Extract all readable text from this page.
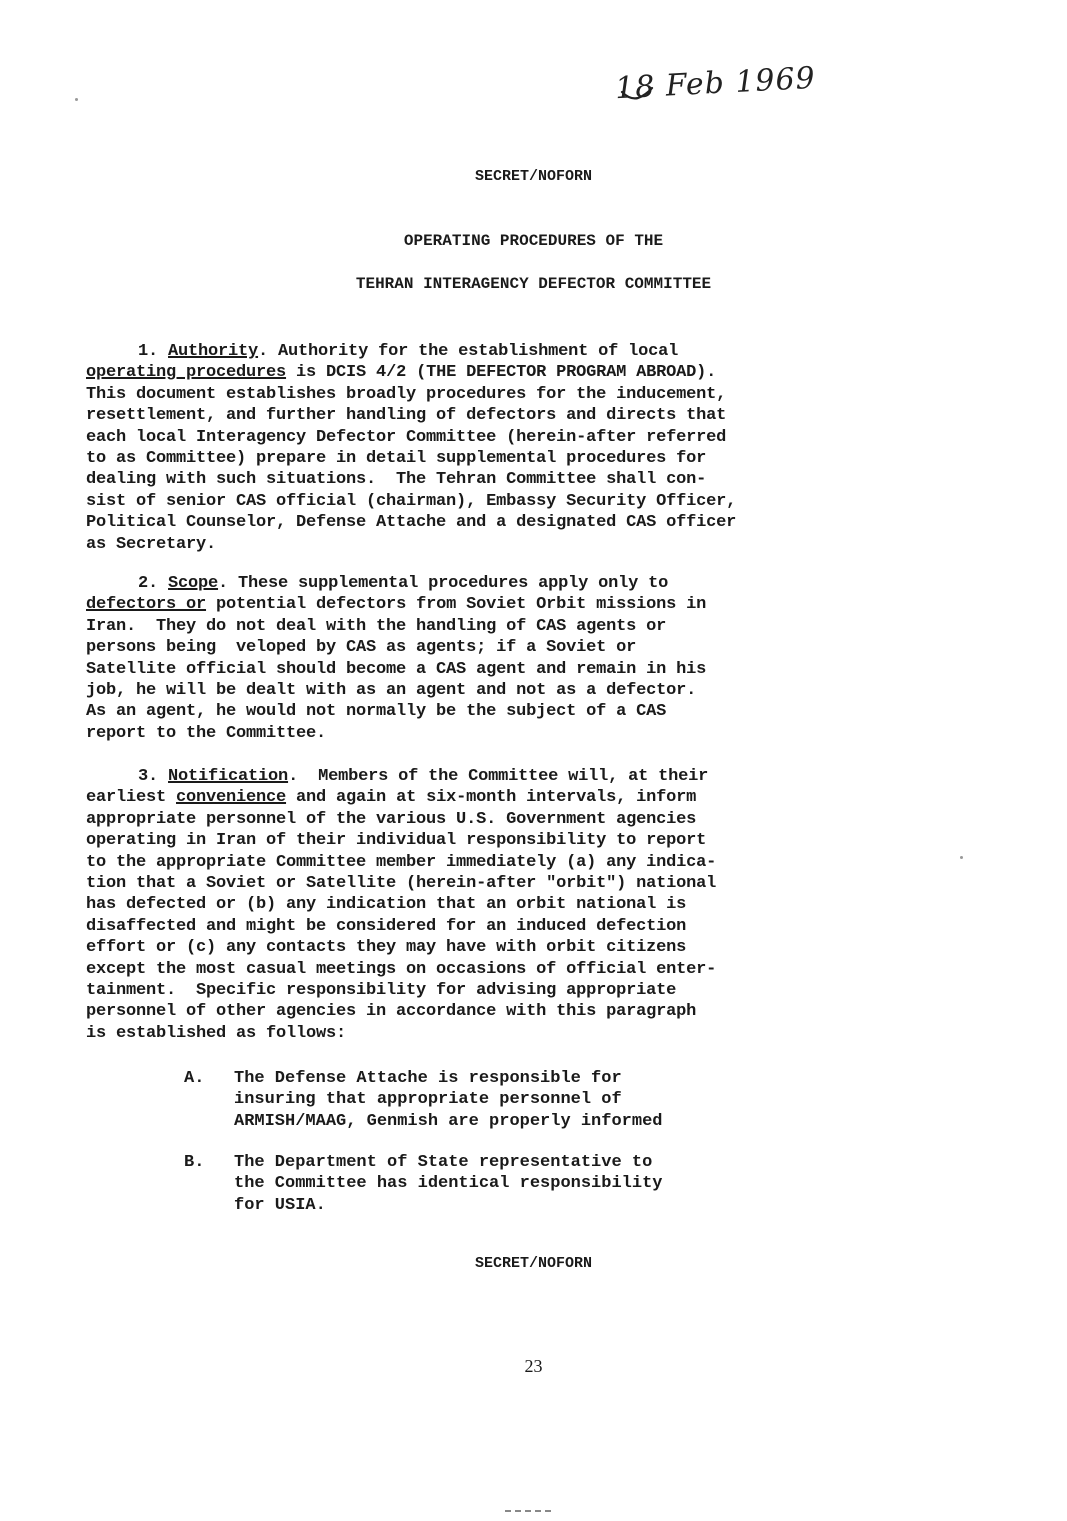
18 Feb 1969
SECRET/NOFORN
OPERATING PROCEDURES OF THE
TEHRAN INTERAGENCY DEFECTOR COMMITTEE
1. Authority. Authority for the establishment of local
operating procedures is DCIS 4/2 (THE DEFECTOR PROGRAM ABROAD).
This document establishes broadly procedures for the inducement,
resettlement, and further handling of defectors and directs that
each local Interagency Defector Committee (herein-after referred
to as Committee) prepare in detail supplemental procedures for
dealing with such situations.  The Tehran Committee shall con-
sist of senior CAS official (chairman), Embassy Security Officer,
Political Counselor, Defense Attache and a designated CAS officer
as Secretary.
2. Scope. These supplemental procedures apply only to
defectors or potential defectors from Soviet Orbit missions in
Iran.  They do not deal with the handling of CAS agents or
persons being  veloped by CAS as agents; if a Soviet or
Satellite official should become a CAS agent and remain in his
job, he will be dealt with as an agent and not as a defector.
As an agent, he would not normally be the subject of a CAS
report to the Committee.
3. Notification.  Members of the Committee will, at their
earliest convenience and again at six-month intervals, inform
appropriate personnel of the various U.S. Government agencies
operating in Iran of their individual responsibility to report
to the appropriate Committee member immediately (a) any indica-
tion that a Soviet or Satellite (herein-after "orbit") national
has defected or (b) any indication that an orbit national is
disaffected and might be considered for an induced defection
effort or (c) any contacts they may have with orbit citizens
except the most casual meetings on occasions of official enter-
tainment.  Specific responsibility for advising appropriate
personnel of other agencies in accordance with this paragraph
is established as follows:
A. The Defense Attache is responsible for
insuring that appropriate personnel of
ARMISH/MAAG, Genmish are properly informed
B. The Department of State representative to
the Committee has identical responsibility
for USIA.
SECRET/NOFORN
23
